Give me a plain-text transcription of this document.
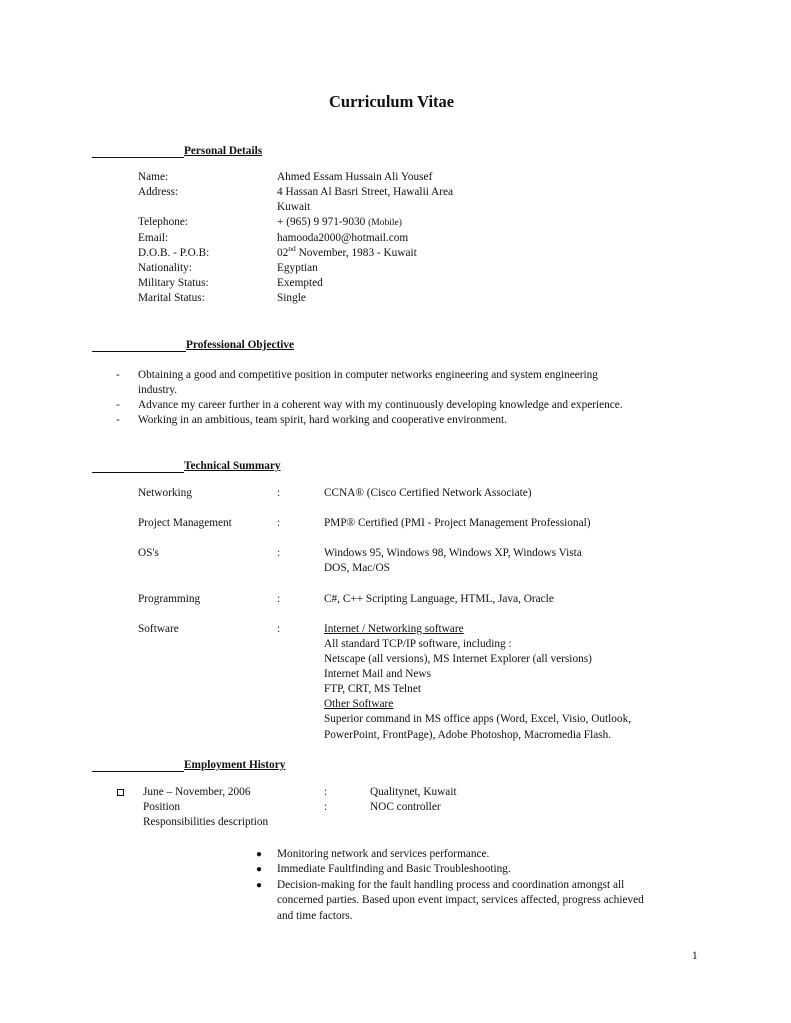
Curriculum Vitae
Personal Details
Name:	Ahmed Essam Hussain Ali Yousef
Address:	4 Hassan Al Basri Street, Hawalii Area
Kuwait
Telephone:	+ (965) 9 971-9030 (Mobile)
Email:	hamooda2000@hotmail.com
D.O.B. - P.O.B:	02nd November, 1983 - Kuwait
Nationality:	Egyptian
Military Status:	Exempted
Marital Status:	Single
Professional Objective
- Obtaining a good and competitive position in computer networks engineering and system engineering
industry.
- Advance my career further in a coherent way with my continuously developing knowledge and experience.
- Working in an ambitious, team spirit, hard working and cooperative environment.
Technical Summary
Networking	:	CCNA® (Cisco Certified Network Associate)
Project Management	:	PMP® Certified (PMI - Project Management Professional)
OS's	:	Windows 95, Windows 98, Windows XP, Windows Vista
DOS, Mac/OS
Programming	:	C#, C++ Scripting Language, HTML, Java, Oracle
Software	:	Internet / Networking software
All standard TCP/IP software, including :
Netscape (all versions), MS Internet Explorer (all versions)
Internet Mail and News
FTP, CRT, MS Telnet
Other Software
Superior command in MS office apps (Word, Excel, Visio, Outlook,
PowerPoint, FrontPage), Adobe Photoshop, Macromedia Flash.
Employment History
June – November, 2006	:	Qualitynet, Kuwait
Position	:	NOC controller
Responsibilities description
● Monitoring network and services performance.
● Immediate Faultfinding and Basic Troubleshooting.
● Decision-making for the fault handling process and coordination amongst all
concerned parties. Based upon event impact, services affected, progress achieved
and time factors.
1
